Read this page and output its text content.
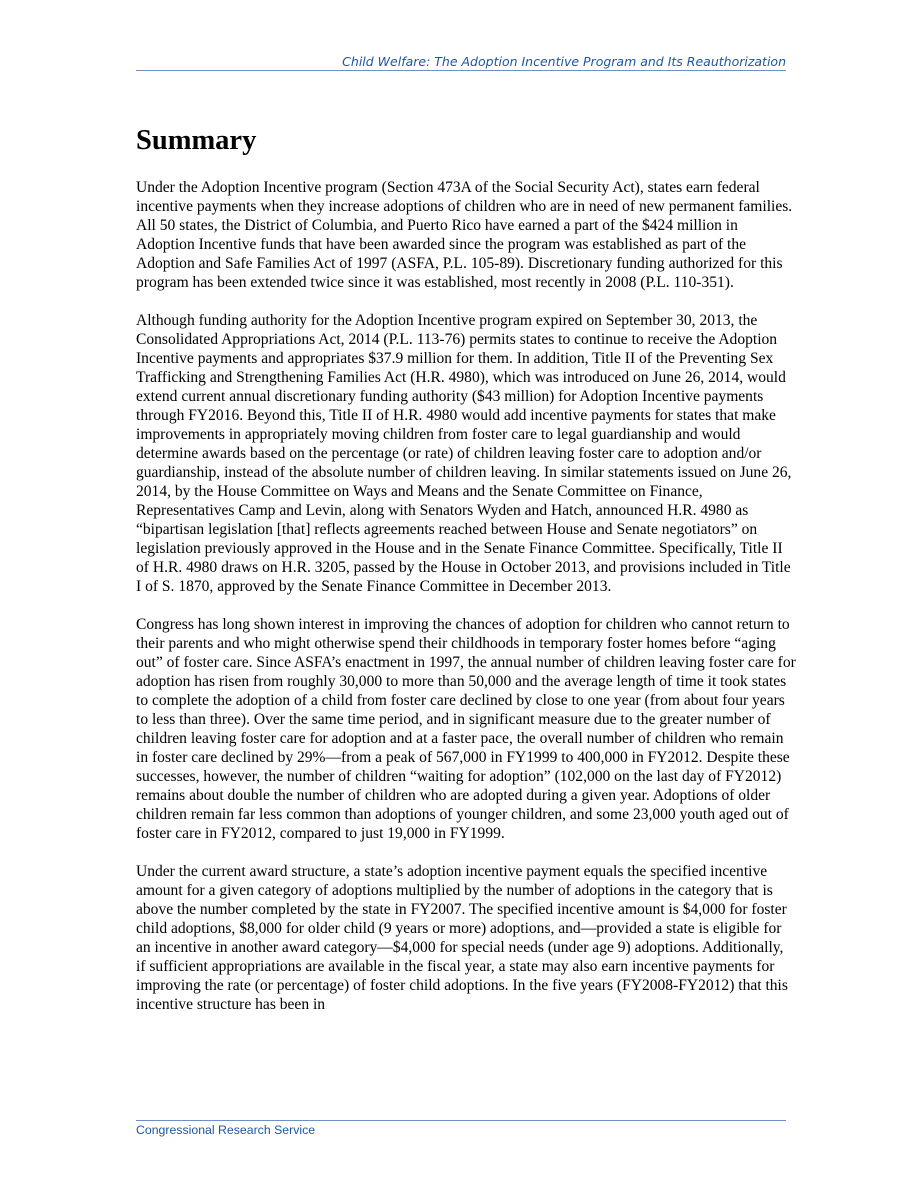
Child Welfare: The Adoption Incentive Program and Its Reauthorization
Summary

Under the Adoption Incentive program (Section 473A of the Social Security Act), states earn federal incentive payments when they increase adoptions of children who are in need of new permanent families. All 50 states, the District of Columbia, and Puerto Rico have earned a part of the $424 million in Adoption Incentive funds that have been awarded since the program was established as part of the Adoption and Safe Families Act of 1997 (ASFA, P.L. 105-89). Discretionary funding authorized for this program has been extended twice since it was established, most recently in 2008 (P.L. 110-351).

Although funding authority for the Adoption Incentive program expired on September 30, 2013, the Consolidated Appropriations Act, 2014 (P.L. 113-76) permits states to continue to receive the Adoption Incentive payments and appropriates $37.9 million for them. In addition, Title II of the Preventing Sex Trafficking and Strengthening Families Act (H.R. 4980), which was introduced on June 26, 2014, would extend current annual discretionary funding authority ($43 million) for Adoption Incentive payments through FY2016. Beyond this, Title II of H.R. 4980 would add incentive payments for states that make improvements in appropriately moving children from foster care to legal guardianship and would determine awards based on the percentage (or rate) of children leaving foster care to adoption and/or guardianship, instead of the absolute number of children leaving. In similar statements issued on June 26, 2014, by the House Committee on Ways and Means and the Senate Committee on Finance, Representatives Camp and Levin, along with Senators Wyden and Hatch, announced H.R. 4980 as “bipartisan legislation [that] reflects agreements reached between House and Senate negotiators” on legislation previously approved in the House and in the Senate Finance Committee. Specifically, Title II of H.R. 4980 draws on H.R. 3205, passed by the House in October 2013, and provisions included in Title I of S. 1870, approved by the Senate Finance Committee in December 2013.

Congress has long shown interest in improving the chances of adoption for children who cannot return to their parents and who might otherwise spend their childhoods in temporary foster homes before “aging out” of foster care. Since ASFA’s enactment in 1997, the annual number of children leaving foster care for adoption has risen from roughly 30,000 to more than 50,000 and the average length of time it took states to complete the adoption of a child from foster care declined by close to one year (from about four years to less than three). Over the same time period, and in significant measure due to the greater number of children leaving foster care for adoption and at a faster pace, the overall number of children who remain in foster care declined by 29%—from a peak of 567,000 in FY1999 to 400,000 in FY2012. Despite these successes, however, the number of children “waiting for adoption” (102,000 on the last day of FY2012) remains about double the number of children who are adopted during a given year. Adoptions of older children remain far less common than adoptions of younger children, and some 23,000 youth aged out of foster care in FY2012, compared to just 19,000 in FY1999.

Under the current award structure, a state’s adoption incentive payment equals the specified incentive amount for a given category of adoptions multiplied by the number of adoptions in the category that is above the number completed by the state in FY2007. The specified incentive amount is $4,000 for foster child adoptions, $8,000 for older child (9 years or more) adoptions, and—provided a state is eligible for an incentive in another award category—$4,000 for special needs (under age 9) adoptions. Additionally, if sufficient appropriations are available in the fiscal year, a state may also earn incentive payments for improving the rate (or percentage) of foster child adoptions. In the five years (FY2008-FY2012) that this incentive structure has been in

Congressional Research Service
